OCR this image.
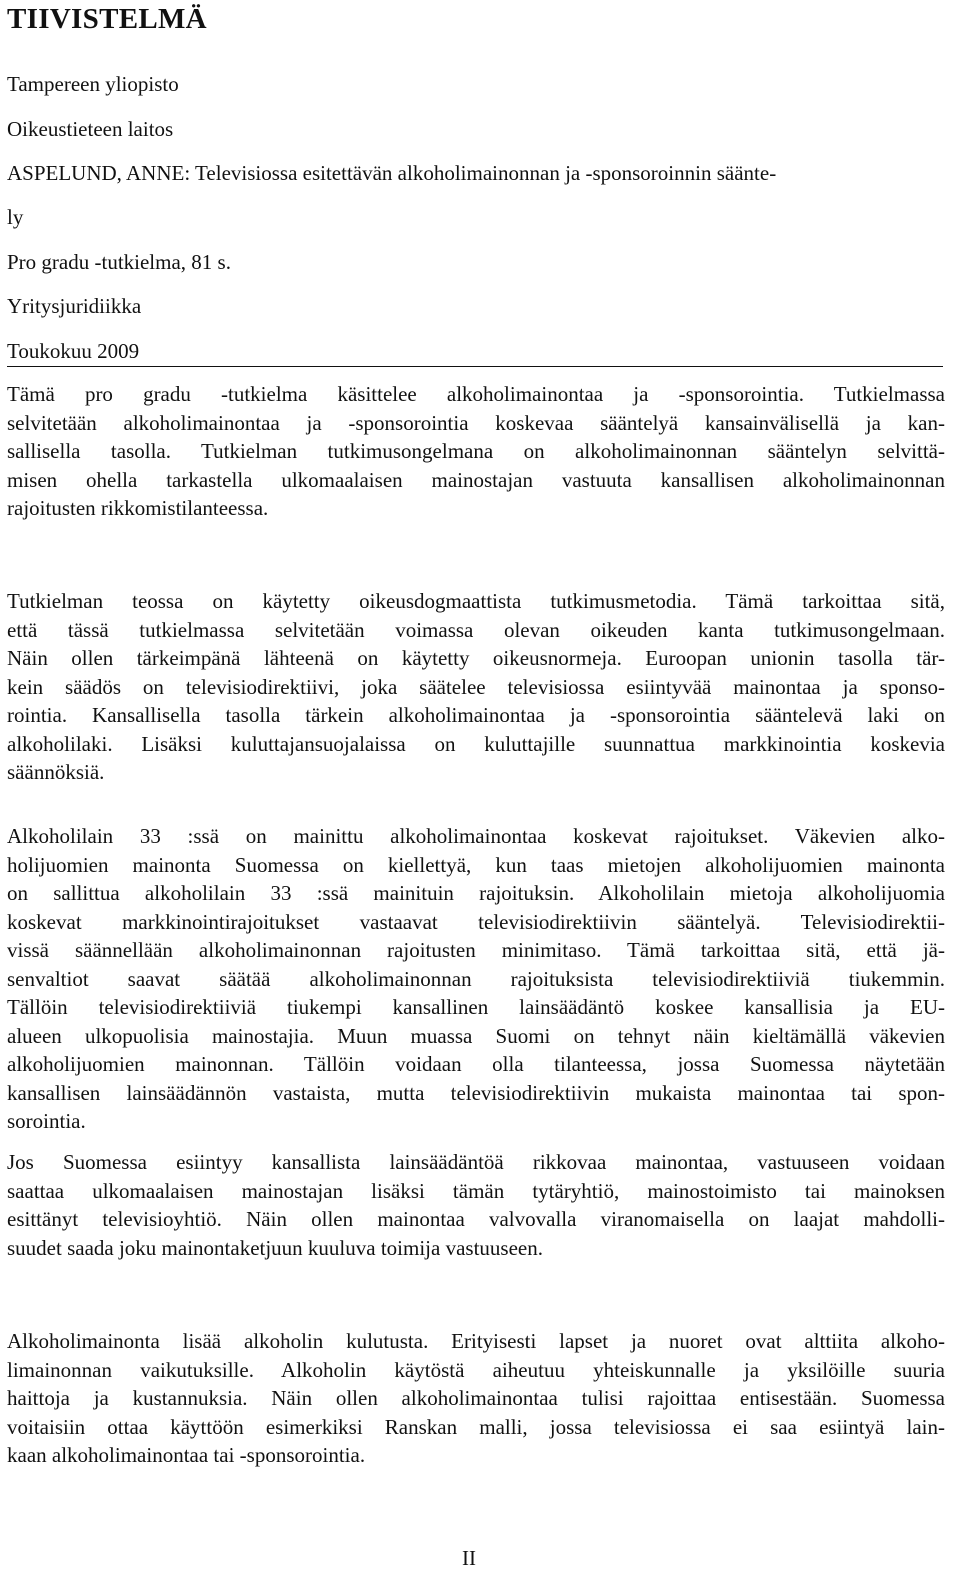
TIIVISTELMÄ
Tampereen yliopisto
Oikeustieteen laitos
ASPELUND, ANNE: Televisiossa esitettävän alkoholimainonnan ja -sponsoroinnin säänte-
ly
Pro gradu -tutkielma, 81 s.
Yritysjuridiikka
Toukokuu 2009
Tämä pro gradu -tutkielma käsittelee alkoholimainontaa ja -sponsorointia. Tutkielmassa
selvitetään alkoholimainontaa ja -sponsorointia koskevaa sääntelyä kansainvälisellä ja kan-
sallisella tasolla. Tutkielman tutkimusongelmana on alkoholimainonnan sääntelyn selvittä-
misen ohella tarkastella ulkomaalaisen mainostajan vastuuta kansallisen alkoholimainonnan
rajoitusten rikkomistilanteessa.
Tutkielman teossa on käytetty oikeusdogmaattista tutkimusmetodia. Tämä tarkoittaa sitä,
että tässä tutkielmassa selvitetään voimassa olevan oikeuden kanta tutkimusongelmaan.
Näin ollen tärkeimpänä lähteenä on käytetty oikeusnormeja. Euroopan unionin tasolla tär-
kein säädös on televisiodirektiivi, joka säätelee televisiossa esiintyvää mainontaa ja sponso-
rointia. Kansallisella tasolla tärkein alkoholimainontaa ja -sponsorointia sääntelevä laki on
alkoholilaki. Lisäksi kuluttajansuojalaissa on kuluttajille suunnattua markkinointia koskevia
säännöksiä.
Alkoholilain 33 :ssä on mainittu alkoholimainontaa koskevat rajoitukset. Väkevien alko-
holijuomien mainonta Suomessa on kiellettyä, kun taas mietojen alkoholijuomien mainonta
on sallittua alkoholilain 33 :ssä mainituin rajoituksin. Alkoholilain mietoja alkoholijuomia
koskevat markkinointirajoitukset vastaavat televisiodirektiivin sääntelyä. Televisiodirektii-
vissä säännellään alkoholimainonnan rajoitusten minimitaso. Tämä tarkoittaa sitä, että jä-
senvaltiot saavat säätää alkoholimainonnan rajoituksista televisiodirektiiviä tiukemmin.
Tällöin televisiodirektiiviä tiukempi kansallinen lainsäädäntö koskee kansallisia ja EU-
alueen ulkopuolisia mainostajia. Muun muassa Suomi on tehnyt näin kieltämällä väkevien
alkoholijuomien mainonnan. Tällöin voidaan olla tilanteessa, jossa Suomessa näytetään
kansallisen lainsäädännön vastaista, mutta televisiodirektiivin mukaista mainontaa tai spon-
sorointia.
Jos Suomessa esiintyy kansallista lainsäädäntöä rikkovaa mainontaa, vastuuseen voidaan
saattaa ulkomaalaisen mainostajan lisäksi tämän tytäryhtiö, mainostoimisto tai mainoksen
esittänyt televisioyhtiö. Näin ollen mainontaa valvovalla viranomaisella on laajat mahdolli-
suudet saada joku mainontaketjuun kuuluva toimija vastuuseen.
Alkoholimainonta lisää alkoholin kulutusta. Erityisesti lapset ja nuoret ovat alttiita alkoho-
limainonnan vaikutuksille. Alkoholin käytöstä aiheutuu yhteiskunnalle ja yksilöille suuria
haittoja ja kustannuksia. Näin ollen alkoholimainontaa tulisi rajoittaa entisestään. Suomessa
voitaisiin ottaa käyttöön esimerkiksi Ranskan malli, jossa televisiossa ei saa esiintyä lain-
kaan alkoholimainontaa tai -sponsorointia.
II
